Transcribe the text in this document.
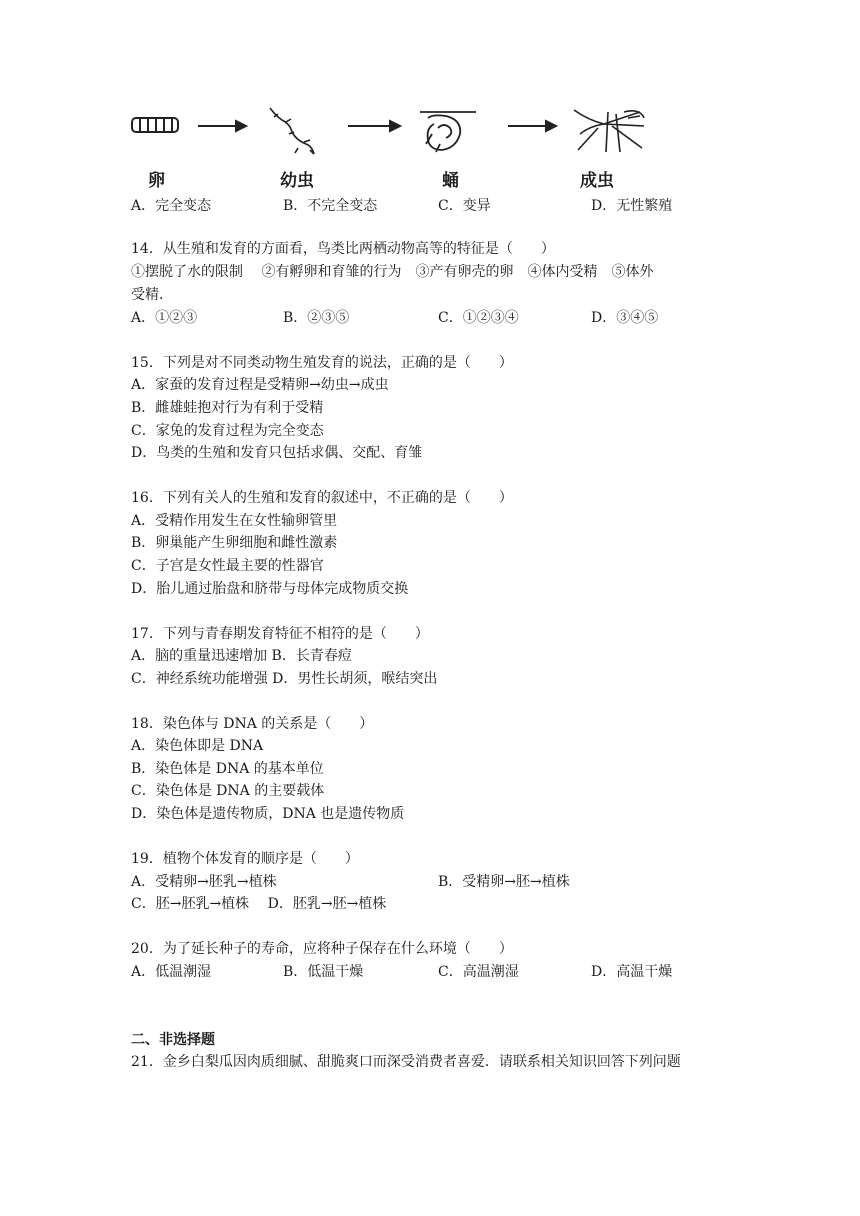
卵	幼虫	蛹	成虫
A．完全变态	B．不完全变态	C．变异	D．无性繁殖
14．从生殖和发育的方面看，鸟类比两栖动物高等的特征是（　　）
①摆脱了水的限制　 ②有孵卵和育雏的行为　③产有卵壳的卵　④体内受精　⑤体外
受精．
A．①②③	B．②③⑤	C．①②③④	D．③④⑤
15．下列是对不同类动物生殖发育的说法，正确的是（　　）
A．家蚕的发育过程是受精卵→幼虫→成虫
B．雌雄蛙抱对行为有利于受精
C．家兔的发育过程为完全变态
D．鸟类的生殖和发育只包括求偶、交配、育雏
16．下列有关人的生殖和发育的叙述中，不正确的是（　　）
A．受精作用发生在女性输卵管里
B．卵巢能产生卵细胞和雌性激素
C．子宫是女性最主要的性器官
D．胎儿通过胎盘和脐带与母体完成物质交换
17．下列与青春期发育特征不相符的是（　　）
A．脑的重量迅速增加 B．长青春痘
C．神经系统功能增强 D．男性长胡须，喉结突出
18．染色体与 DNA 的关系是（　　）
A．染色体即是 DNA
B．染色体是 DNA 的基本单位
C．染色体是 DNA 的主要载体
D．染色体是遗传物质，DNA 也是遗传物质
19．植物个体发育的顺序是（　　）
A．受精卵→胚乳→植株	B．受精卵→胚→植株
C．胚→胚乳→植株　 D．胚乳→胚→植株
20．为了延长种子的寿命，应将种子保存在什么环境（　　）
A．低温潮湿	B．低温干燥	C．高温潮湿	D．高温干燥
二、非选择题
21．金乡白梨瓜因肉质细腻、甜脆爽口而深受消费者喜爱．请联系相关知识回答下列问题
